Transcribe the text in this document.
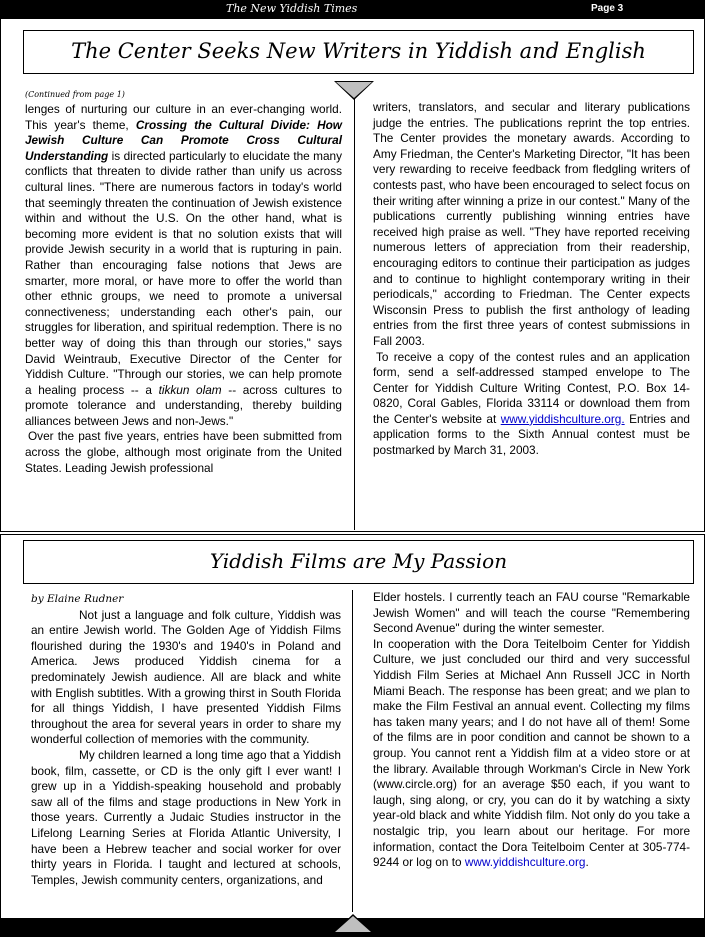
The New Yiddish Times	Page 3
The Center Seeks New Writers in Yiddish and English
(Continued from page 1)

lenges of nurturing our culture in an ever-changing world. This year's theme, Crossing the Cultural Divide: How Jewish Culture Can Promote Cross Cultural Understanding is directed particularly to elucidate the many conflicts that threaten to divide rather than unify us across cultural lines. "There are numerous factors in today's world that seemingly threaten the continuation of Jewish existence within and without the U.S. On the other hand, what is becoming more evident is that no solution exists that will provide Jewish security in a world that is rupturing in pain. Rather than encouraging false notions that Jews are smarter, more moral, or have more to offer the world than other ethnic groups, we need to promote a universal connectiveness; understanding each other's pain, our struggles for liberation, and spiritual redemption. There is no better way of doing this than through our stories," says David Weintraub, Executive Director of the Center for Yiddish Culture. "Through our stories, we can help promote a healing process -- a tikkun olam -- across cultures to promote tolerance and understanding, thereby building alliances between Jews and non-Jews."

Over the past five years, entries have been submitted from across the globe, although most originate from the United States. Leading Jewish professional

writers, translators, and secular and literary publications judge the entries. The publications reprint the top entries. The Center provides the monetary awards. According to Amy Friedman, the Center's Marketing Director, "It has been very rewarding to receive feedback from fledgling writers of contests past, who have been encouraged to select focus on their writing after winning a prize in our contest." Many of the publications currently publishing winning entries have received high praise as well. "They have reported receiving numerous letters of appreciation from their readership, encouraging editors to continue their participation as judges and to continue to highlight contemporary writing in their periodicals," according to Friedman. The Center expects Wisconsin Press to publish the first anthology of leading entries from the first three years of contest submissions in Fall 2003.

To receive a copy of the contest rules and an application form, send a self-addressed stamped envelope to The Center for Yiddish Culture Writing Contest, P.O. Box 14-0820, Coral Gables, Florida 33114 or download them from the Center's website at www.yiddishculture.org. Entries and application forms to the Sixth Annual contest must be postmarked by March 31, 2003.

Yiddish Films are My Passion

by Elaine Rudner

Not just a language and folk culture, Yiddish was an entire Jewish world. The Golden Age of Yiddish Films flourished during the 1930's and 1940's in Poland and America. Jews produced Yiddish cinema for a predominately Jewish audience. All are black and white with English subtitles. With a growing thirst in South Florida for all things Yiddish, I have presented Yiddish Films throughout the area for several years in order to share my wonderful collection of memories with the community.

My children learned a long time ago that a Yiddish book, film, cassette, or CD is the only gift I ever want! I grew up in a Yiddish-speaking household and probably saw all of the films and stage productions in New York in those years. Currently a Judaic Studies instructor in the Lifelong Learning Series at Florida Atlantic University, I have been a Hebrew teacher and social worker for over thirty years in Florida. I taught and lectured at schools, Temples, Jewish community centers, organizations, and

Elder hostels. I currently teach an FAU course "Remarkable Jewish Women" and will teach the course "Remembering Second Avenue" during the winter semester.

In cooperation with the Dora Teitelboim Center for Yiddish Culture, we just concluded our third and very successful Yiddish Film Series at Michael Ann Russell JCC in North Miami Beach. The response has been great; and we plan to make the Film Festival an annual event. Collecting my films has taken many years; and I do not have all of them! Some of the films are in poor condition and cannot be shown to a group. You cannot rent a Yiddish film at a video store or at the library. Available through Workman's Circle in New York (www.circle.org) for an average $50 each, if you want to laugh, sing along, or cry, you can do it by watching a sixty year-old black and white Yiddish film. Not only do you take a nostalgic trip, you learn about our heritage. For more information, contact the Dora Teitelboim Center at 305-774-9244 or log on to www.yiddishculture.org.
